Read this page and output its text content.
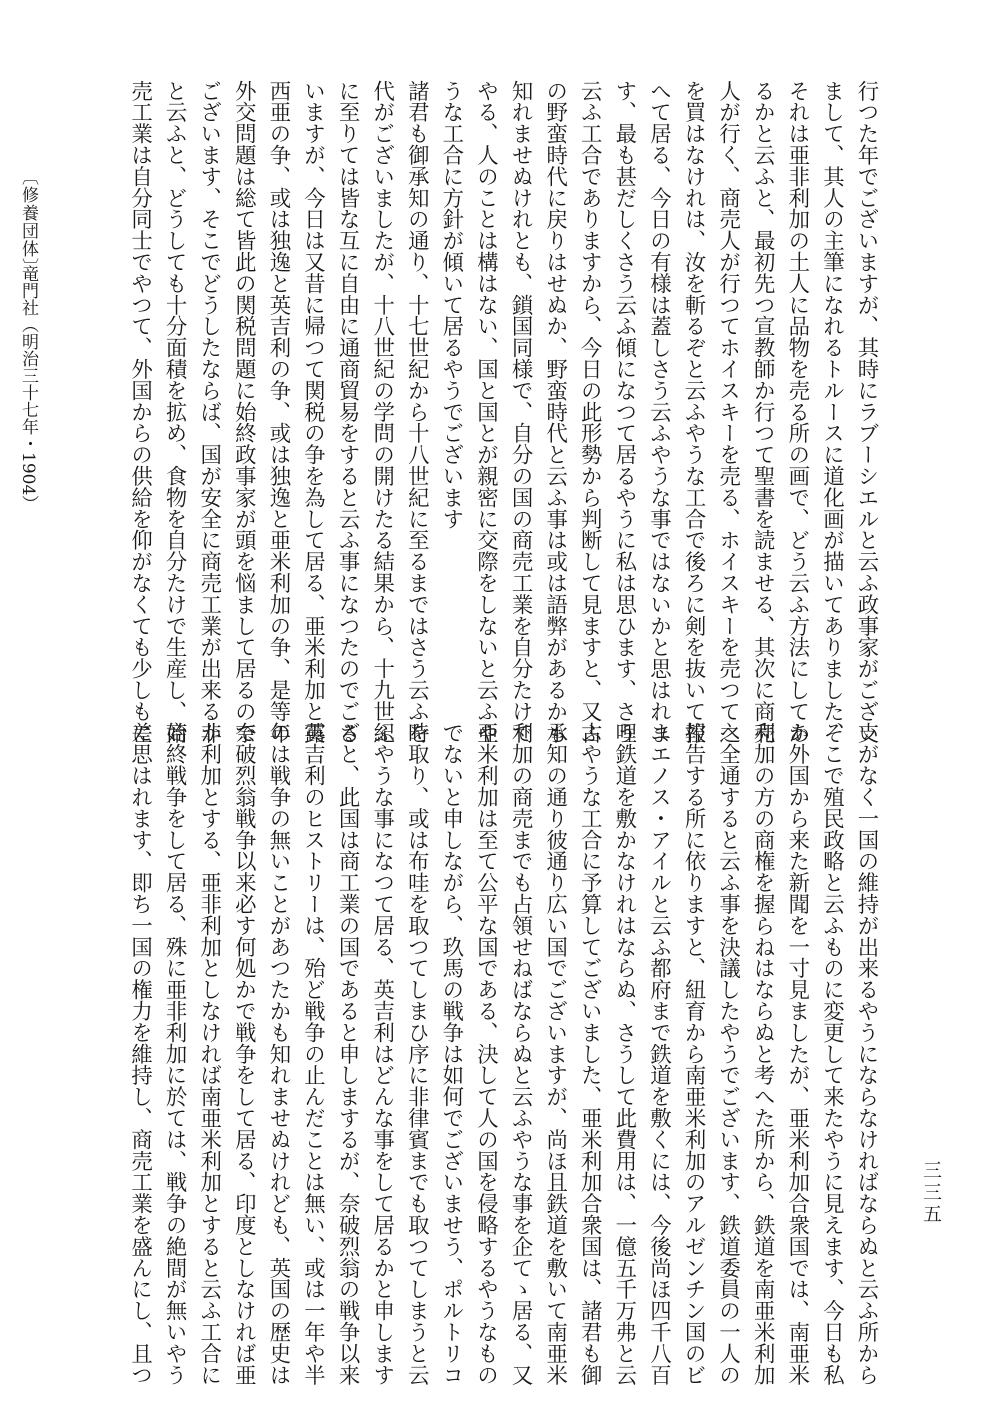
行つた年でございますが、其時にラブーシエルと云ふ政事家がござい
まして、其人の主筆になれるトルースに道化画が描いてありました、
それは亜非利加の土人に品物を売る所の画で、どう云ふ方法にしてあ
るかと云ふと、最初先つ宣教師か行つて聖書を読ませる、其次に商売
人が行く、商売人が行つてホイスキーを売る、ホイスキーを売つて之
を買はなけれは、汝を斬るぞと云ふやうな工合で後ろに剣を抜いて控
へて居る、今日の有様は蓋しさう云ふやうな事ではないかと思はれま
す、最も甚だしくさう云ふ傾になつて居るやうに私は思ひます、さう
云ふ工合でありますから、今日の此形勢から判断して見ますと、又古
の野蛮時代に戻りはせぬか、野蛮時代と云ふ事は或は語弊があるかも
知れませぬけれとも、鎖国同様で、自分の国の商売工業を自分たけで
やる、人のことは構はない、国と国とが親密に交際をしないと云ふや
うな工合に方針が傾いて居るやうでございます
諸君も御承知の通り、十七世紀から十八世紀に至るまではさう云ふ時
代がございましたが、十八世紀の学問の開けたる結果から、十九世紀
に至りては皆な互に自由に通商貿易をすると云ふ事になつたのでござ
いますが、今日は又昔に帰つて関税の争を為して居る、亜米利加と露
西亜の争、或は独逸と英吉利の争、或は独逸と亜米利加の争、是等の
外交問題は総て皆此の関税問題に始終政事家が頭を悩まして居るので
ございます、そこでどうしたならば、国が安全に商売工業が出来るか
と云ふと、どうしても十分面積を拡め、食物を自分たけで生産し、商
売工業は自分同士でやつて、外国からの供給を仰がなくても少しも差
支がなく一国の維持が出来るやうにならなければならぬと云ふ所から
そこで殖民政略と云ふものに変更して来たやうに見えます、今日も私
か外国から来た新聞を一寸見ましたが、亜米利加合衆国では、南亜米
利加の方の商権を握らねはならぬと考へた所から、鉄道を南亜米利加
へ全通すると云ふ事を決議したやうでございます、鉄道委員の一人の
報告する所に依りますと、紐育から南亜米利加のアルゼンチン国のビ
ユエノス・アイルと云ふ都府まで鉄道を敷くには、今後尚ほ四千八百
哩鉄道を敷かなけれはならぬ、さうして此費用は、一億五千万弗と云
ふやうな工合に予算してございました、亜米利加合衆国は、諸君も御
承知の通り彼通り広い国でございますが、尚ほ且鉄道を敷いて南亜米
利加の商売までも占領せねばならぬと云ふやうな事を企てゝ居る、又
亜米利加は至て公平な国である、決して人の国を侵略するやうなもの
でないと申しながら、玖馬の戦争は如何でございませう、ポルトリコ
を取り、或は布哇を取つてしまひ序に非律賓までも取つてしまうと云
ふやうな事になつて居る、英吉利はどんな事をして居るかと申します
ると、此国は商工業の国であると申しまするが、奈破烈翁の戦争以来
英吉利のヒストリーは、殆ど戦争の止んだことは無い、或は一年や半
年は戦争の無いことがあつたかも知れませぬけれども、英国の歴史は
奈破烈翁戦争以来必す何処かで戦争をして居る、印度としなければ亜
非利加とする、亜非利加としなければ南亜米利加とすると云ふ工合に
始終戦争をして居る、殊に亜非利加に於ては、戦争の絶間が無いやう
に思はれます、即ち一国の権力を維持し、商売工業を盛んにし、且つ
〔修養団体〕
竜門社（明治三十七年・1904）
三三五
